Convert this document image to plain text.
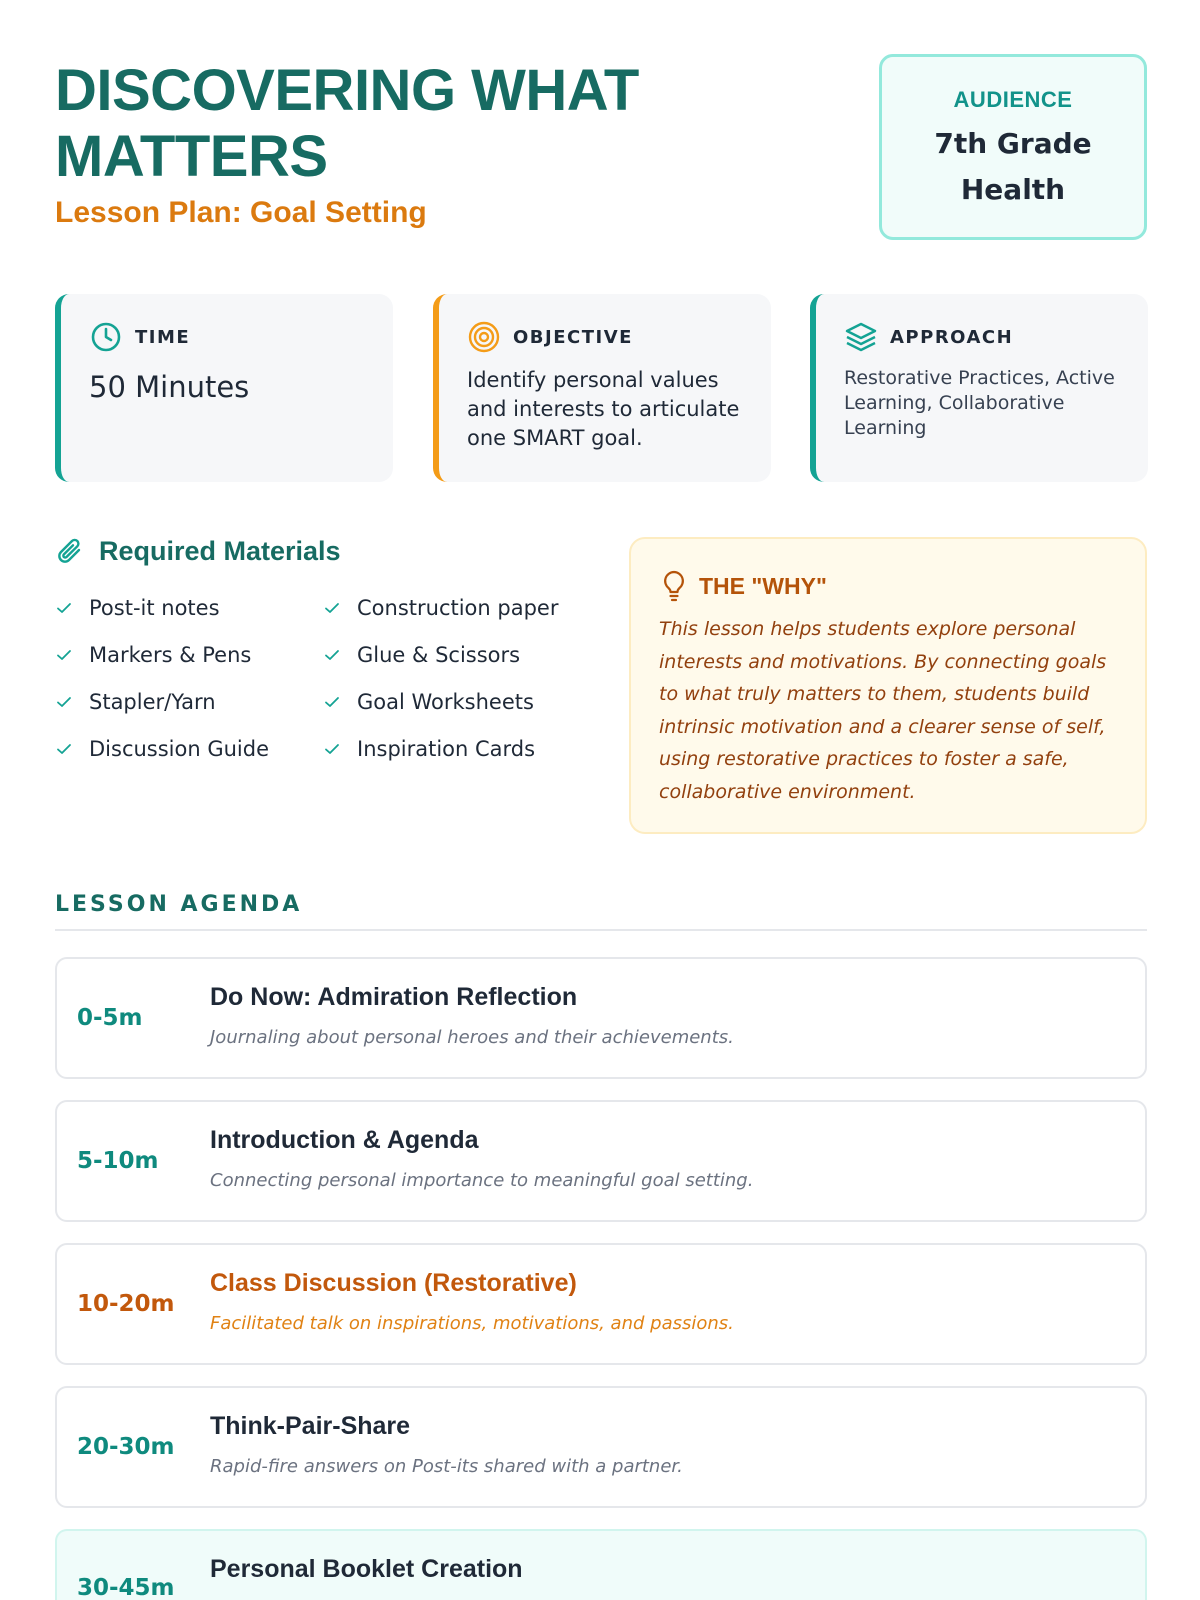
DISCOVERING WHAT
MATTERS
Lesson Plan: Goal Setting
AUDIENCE
7th Grade
Health
TIME
50 Minutes
OBJECTIVE
Identify personal values and interests to articulate one SMART goal.
APPROACH
Restorative Practices, Active Learning, Collaborative Learning
Required Materials
Post-it notes	Construction paper
Markers & Pens	Glue & Scissors
Stapler/Yarn	Goal Worksheets
Discussion Guide	Inspiration Cards
THE "WHY"
This lesson helps students explore personal interests and motivations. By connecting goals to what truly matters to them, students build intrinsic motivation and a clearer sense of self, using restorative practices to foster a safe, collaborative environment.
LESSON AGENDA
0-5m
Do Now: Admiration Reflection
Journaling about personal heroes and their achievements.
5-10m
Introduction & Agenda
Connecting personal importance to meaningful goal setting.
10-20m
Class Discussion (Restorative)
Facilitated talk on inspirations, motivations, and passions.
20-30m
Think-Pair-Share
Rapid-fire answers on Post-its shared with a partner.
30-45m
Personal Booklet Creation
